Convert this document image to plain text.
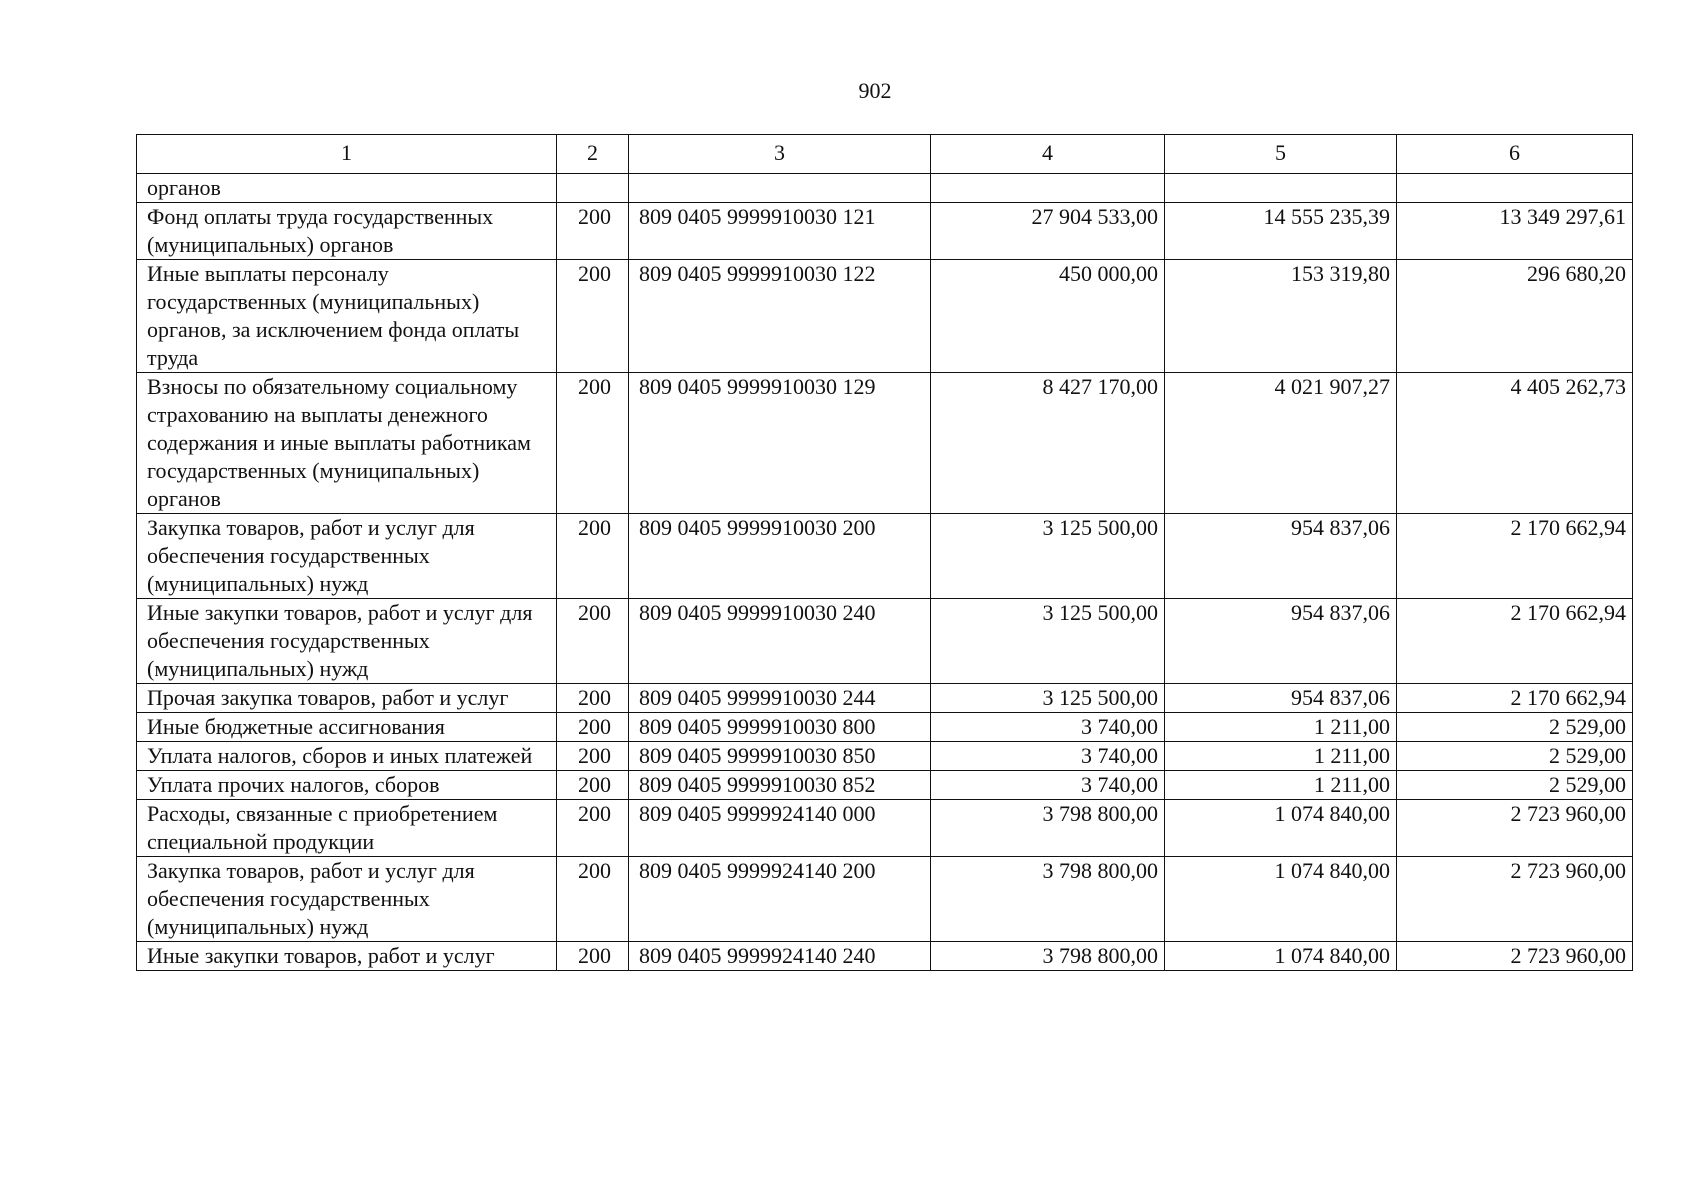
902
1	2	3	4	5	6
органов					
Фонд оплаты труда государственных (муниципальных) органов	200	809 0405 9999910030 121	27 904 533,00	14 555 235,39	13 349 297,61
Иные выплаты персоналу государственных (муниципальных) органов, за исключением фонда оплаты труда	200	809 0405 9999910030 122	450 000,00	153 319,80	296 680,20
Взносы по обязательному социальному страхованию на выплаты денежного содержания и иные выплаты работникам государственных (муниципальных) органов	200	809 0405 9999910030 129	8 427 170,00	4 021 907,27	4 405 262,73
Закупка товаров, работ и услуг для обеспечения государственных (муниципальных) нужд	200	809 0405 9999910030 200	3 125 500,00	954 837,06	2 170 662,94
Иные закупки товаров, работ и услуг для обеспечения государственных (муниципальных) нужд	200	809 0405 9999910030 240	3 125 500,00	954 837,06	2 170 662,94
Прочая закупка товаров, работ и услуг	200	809 0405 9999910030 244	3 125 500,00	954 837,06	2 170 662,94
Иные бюджетные ассигнования	200	809 0405 9999910030 800	3 740,00	1 211,00	2 529,00
Уплата налогов, сборов и иных платежей	200	809 0405 9999910030 850	3 740,00	1 211,00	2 529,00
Уплата прочих налогов, сборов	200	809 0405 9999910030 852	3 740,00	1 211,00	2 529,00
Расходы, связанные с приобретением специальной продукции	200	809 0405 9999924140 000	3 798 800,00	1 074 840,00	2 723 960,00
Закупка товаров, работ и услуг для обеспечения государственных (муниципальных) нужд	200	809 0405 9999924140 200	3 798 800,00	1 074 840,00	2 723 960,00
Иные закупки товаров, работ и услуг	200	809 0405 9999924140 240	3 798 800,00	1 074 840,00	2 723 960,00
